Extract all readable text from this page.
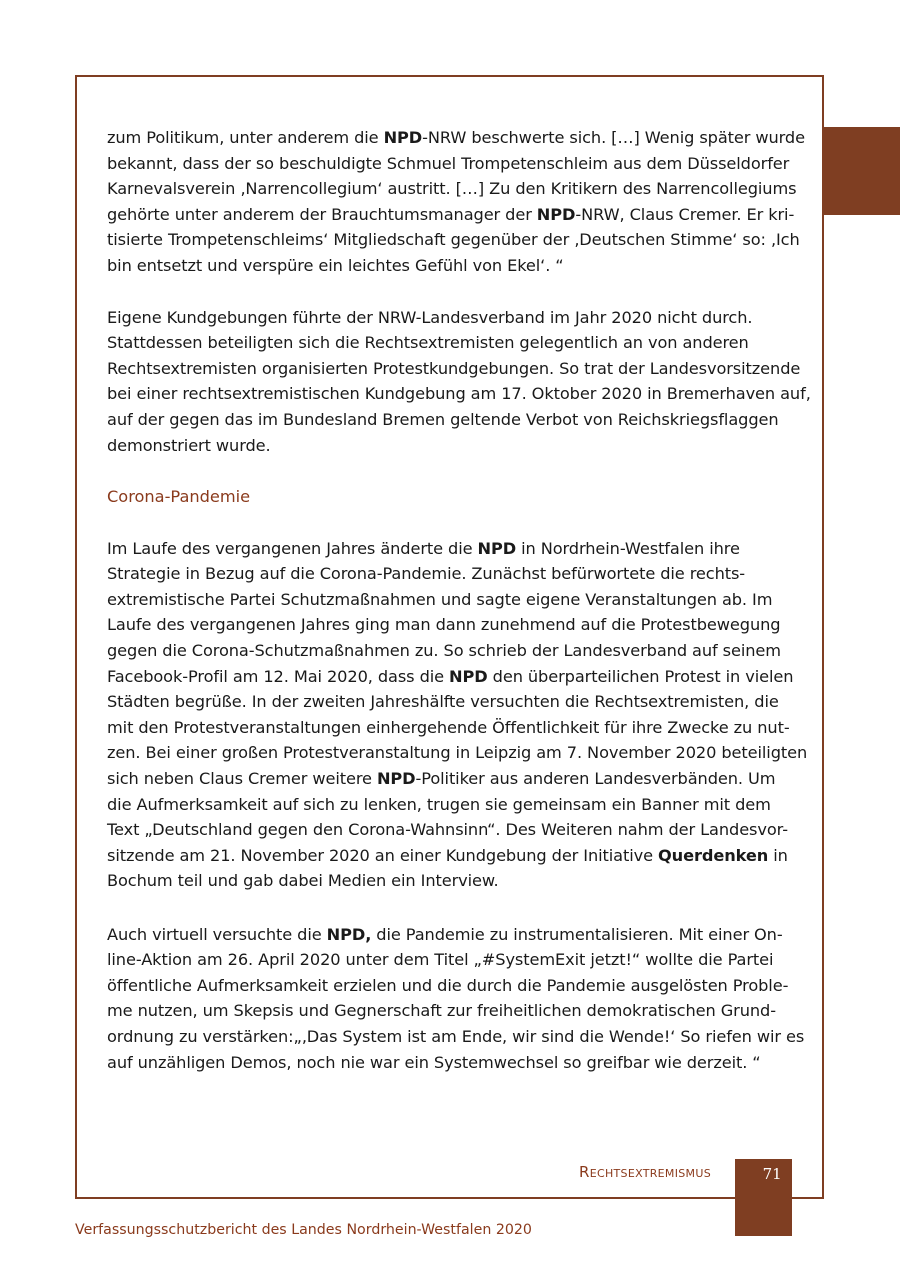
zum Politikum, unter anderem die NPD-NRW beschwerte sich. […] Wenig später wurde
bekannt, dass der so beschuldigte Schmuel Trompetenschleim aus dem Düsseldorfer
Karnevalsverein ‚Narrencollegium‘ austritt. […] Zu den Kritikern des Narrencollegiums
gehörte unter anderem der Brauchtumsmanager der NPD-NRW, Claus Cremer. Er kri-
tisierte Trompetenschleims‘ Mitgliedschaft gegenüber der ‚Deutschen Stimme‘ so: ‚Ich
bin entsetzt und verspüre ein leichtes Gefühl von Ekel‘. “
Eigene Kundgebungen führte der NRW-Landesverband im Jahr 2020 nicht durch.
Stattdessen beteiligten sich die Rechtsextremisten gelegentlich an von anderen
Rechtsextremisten organisierten Protestkundgebungen. So trat der Landesvorsitzende
bei einer rechtsextremistischen Kundgebung am 17. Oktober 2020 in Bremerhaven auf,
auf der gegen das im Bundesland Bremen geltende Verbot von Reichskriegsflaggen
demonstriert wurde.
Im Laufe des vergangenen Jahres änderte die NPD in Nordrhein-Westfalen ihre
Strategie in Bezug auf die Corona-Pandemie. Zunächst befürwortete die rechts-
extremistische Partei Schutzmaßnahmen und sagte eigene Veranstaltungen ab. Im
Laufe des vergangenen Jahres ging man dann zunehmend auf die Protestbewegung
gegen die Corona-Schutzmaßnahmen zu. So schrieb der Landesverband auf seinem
Facebook-Profil am 12. Mai 2020, dass die NPD den überparteilichen Protest in vielen
Städten begrüße. In der zweiten Jahreshälfte versuchten die Rechtsextremisten, die
mit den Protestveranstaltungen einhergehende Öffentlichkeit für ihre Zwecke zu nut-
zen. Bei einer großen Protestveranstaltung in Leipzig am 7. November 2020 beteiligten
sich neben Claus Cremer weitere NPD-Politiker aus anderen Landesverbänden. Um
die Aufmerksamkeit auf sich zu lenken, trugen sie gemeinsam ein Banner mit dem
Text „Deutschland gegen den Corona-Wahnsinn“. Des Weiteren nahm der Landesvor-
sitzende am 21. November 2020 an einer Kundgebung der Initiative Querdenken in
Bochum teil und gab dabei Medien ein Interview.
Auch virtuell versuchte die NPD, die Pandemie zu instrumentalisieren. Mit einer On-
line-Aktion am 26. April 2020 unter dem Titel „#SystemExit jetzt!“ wollte die Partei
öffentliche Aufmerksamkeit erzielen und die durch die Pandemie ausgelösten Proble-
me nutzen, um Skepsis und Gegnerschaft zur freiheitlichen demokratischen Grund-
ordnung zu verstärken:„‚Das System ist am Ende, wir sind die Wende!‘ So riefen wir es
auf unzähligen Demos, noch nie war ein Systemwechsel so greifbar wie derzeit. “
Corona-Pandemie
Rechtsextremismus	71
Verfassungsschutzbericht des Landes Nordrhein-Westfalen 2020
